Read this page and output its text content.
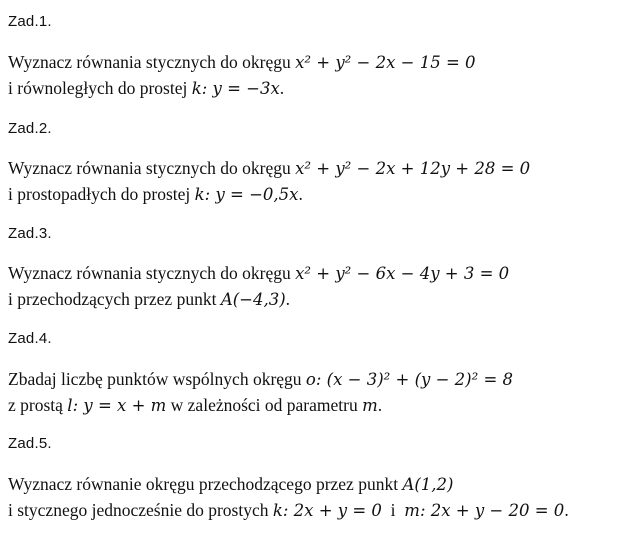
Zad.1.
Wyznacz równania stycznych do okręgu x² + y² − 2x − 15 = 0
i równoległych do prostej k: y = −3x.
Zad.2.
Wyznacz równania stycznych do okręgu x² + y² − 2x + 12y + 28 = 0
i prostopadłych do prostej k: y = −0,5x.
Zad.3.
Wyznacz równania stycznych do okręgu x² + y² − 6x − 4y + 3 = 0
i przechodzących przez punkt A(−4,3).
Zad.4.
Zbadaj liczbę punktów wspólnych okręgu o: (x − 3)² + (y − 2)² = 8
z prostą l: y = x + m w zależności od parametru m.
Zad.5.
Wyznacz równanie okręgu przechodzącego przez punkt A(1,2)
i stycznego jednocześnie do prostych k: 2x + y = 0  i  m: 2x + y − 20 = 0.
